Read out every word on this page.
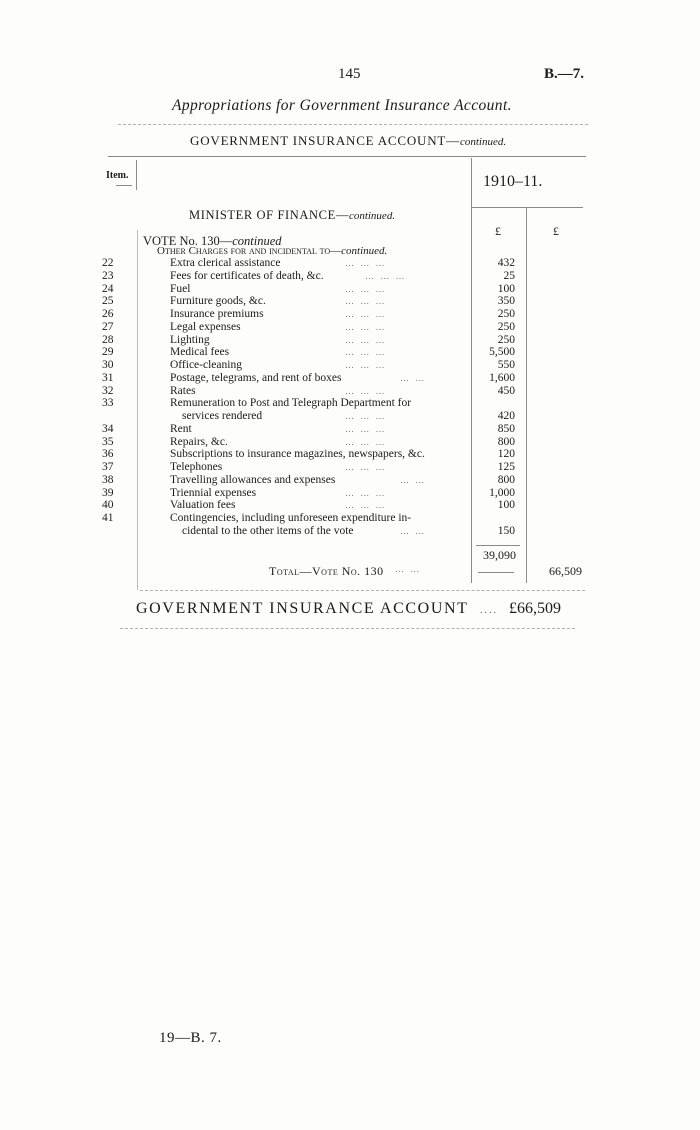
145	B.—7.
Appropriations for Government Insurance Account.
GOVERNMENT INSURANCE ACCOUNT—continued.
Item.	1910–11.
£	£
MINISTER OF FINANCE—continued.
VOTE No. 130—continued
Other Charges for and incidental to—continued.
22	Extra clerical assistance	… … …	432
23	Fees for certificates of death, &c.	… … …	25
24	Fuel	… … …	100
25	Furniture goods, &c.	… … …	350
26	Insurance premiums	… … …	250
27	Legal expenses	… … …	250
28	Lighting	… … …	250
29	Medical fees	… … …	5,500
30	Office-cleaning	… … …	550
31	Postage, telegrams, and rent of boxes	… …	1,600
32	Rates	… … …	450
33	Remuneration to Post and Telegraph Department for
services rendered	… … …	420
34	Rent	… … …	850
35	Repairs, &c.	… … …	800
36	Subscriptions to insurance magazines, newspapers, &c.	120
37	Telephones	… … …	125
38	Travelling allowances and expenses	… …	800
39	Triennial expenses	… … …	1,000
40	Valuation fees	… … …	100
41	Contingencies, including unforeseen expenditure in-
cidental to the other items of the vote	… …	150
39,090
Total—Vote No. 130 … …	66,509
GOVERNMENT INSURANCE ACCOUNT .... £66,509
19—B. 7.
